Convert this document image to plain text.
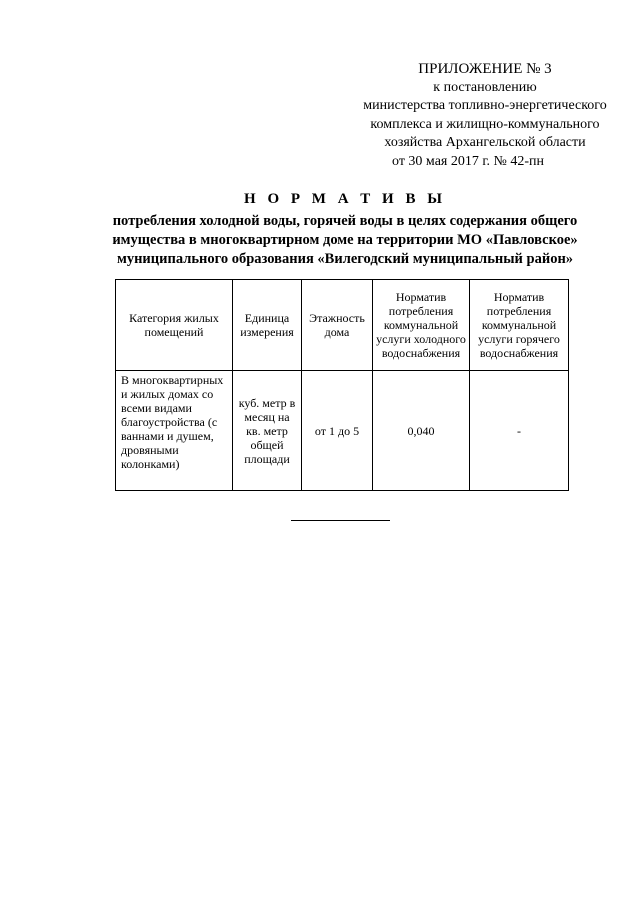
ПРИЛОЖЕНИЕ № 3
к постановлению
министерства топливно-энергетического
комплекса и жилищно-коммунального
хозяйства Архангельской области
от 30 мая 2017 г. № 42-пн
Н О Р М А Т И В Ы
потребления холодной воды, горячей воды в целях содержания общего
имущества в многоквартирном доме на территории МО «Павловское»
муниципального образования «Вилегодский муниципальный район»
Категория жилых помещений	Единица измерения	Этажность дома	Норматив потребления коммунальной услуги холодного водоснабжения	Норматив потребления коммунальной услуги горячего водоснабжения
В многоквартирных и жилых домах со всеми видами благоустройства (с ваннами и душем, дровяными колонками)	куб. метр в месяц на кв. метр общей площади	от 1 до 5	0,040	-
